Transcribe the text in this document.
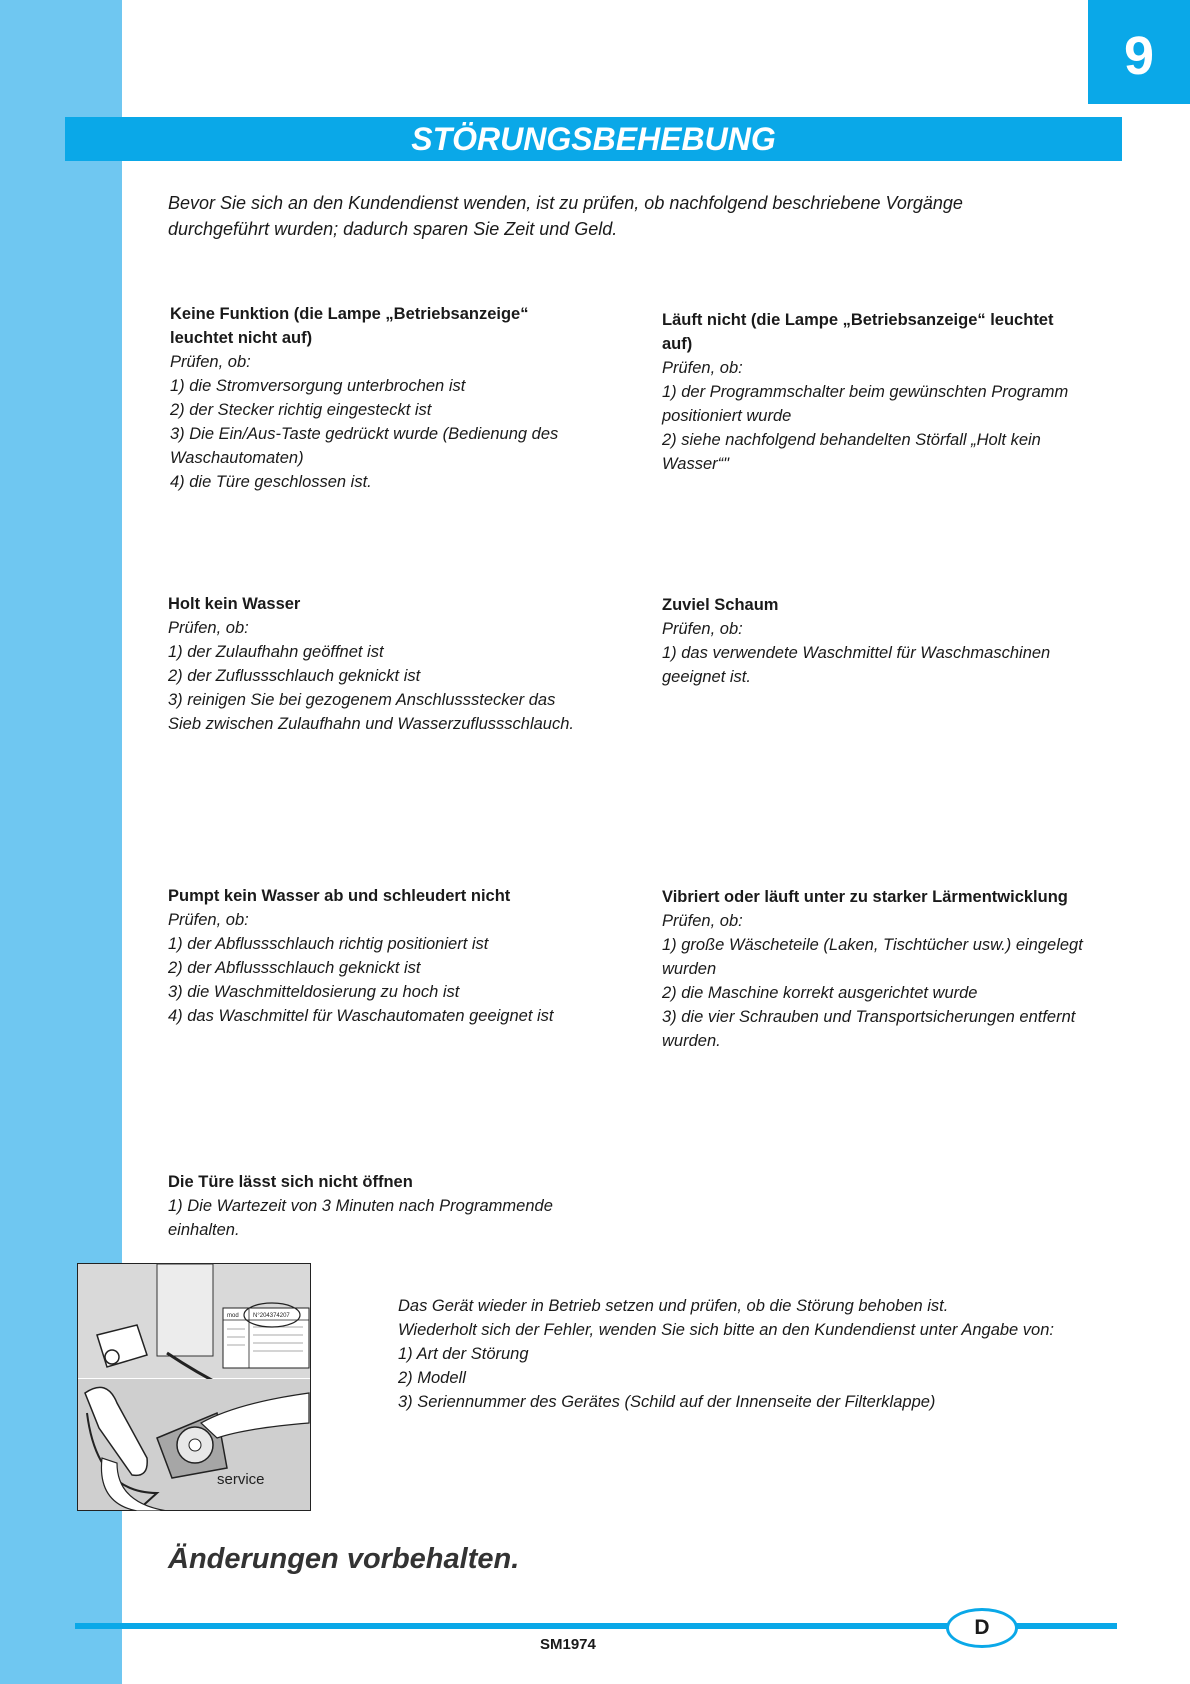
9
STÖRUNGSBEHEBUNG
Bevor Sie sich an den Kundendienst wenden, ist zu prüfen, ob nachfolgend beschriebene Vorgänge
durchgeführt wurden; dadurch sparen Sie Zeit und Geld.
Keine Funktion (die Lampe „Betriebsanzeige“
leuchtet nicht auf)
Prüfen, ob:
1) die Stromversorgung unterbrochen ist
2) der Stecker richtig eingesteckt ist
3) Die Ein/Aus-Taste gedrückt wurde (Bedienung des
Waschautomaten)
4) die Türe geschlossen ist.
Läuft nicht (die Lampe „Betriebsanzeige“ leuchtet
auf)
Prüfen, ob:
1) der Programmschalter beim gewünschten Programm
positioniert wurde
2) siehe nachfolgend behandelten Störfall „Holt kein
Wasser“"
Holt kein Wasser
Prüfen, ob:
1) der Zulaufhahn geöffnet ist
2) der Zuflussschlauch geknickt ist
3) reinigen Sie bei gezogenem Anschlussstecker das
Sieb zwischen Zulaufhahn und Wasserzuflussschlauch.
Zuviel Schaum
Prüfen, ob:
1) das verwendete Waschmittel für Waschmaschinen
geeignet ist.
Pumpt kein Wasser ab und schleudert nicht
Prüfen, ob:
1) der Abflussschlauch richtig positioniert ist
2) der Abflussschlauch geknickt ist
3) die Waschmitteldosierung zu hoch ist
4) das Waschmittel für Waschautomaten geeignet ist
Vibriert oder läuft unter zu starker Lärmentwicklung
Prüfen, ob:
1) große Wäscheteile (Laken, Tischtücher usw.) eingelegt
wurden
2) die Maschine korrekt ausgerichtet wurde
3) die vier Schrauben und Transportsicherungen entfernt
wurden.
Die Türe lässt sich nicht öffnen
1) Die Wartezeit von 3 Minuten nach Programmende
einhalten.
mod N°204374207
service
Das Gerät wieder in Betrieb setzen und prüfen, ob die Störung behoben ist.
Wiederholt sich der Fehler, wenden Sie sich bitte an den Kundendienst unter Angabe von:
1) Art der Störung
2) Modell
3) Seriennummer des Gerätes (Schild auf der Innenseite der Filterklappe)
Änderungen vorbehalten.
D
SM1974
